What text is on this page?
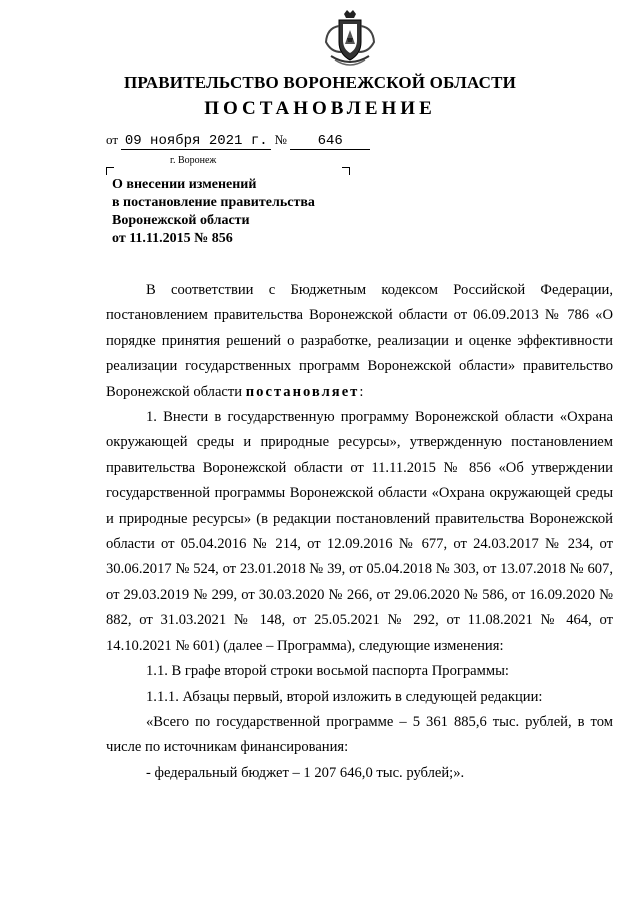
ПРАВИТЕЛЬСТВО ВОРОНЕЖСКОЙ ОБЛАСТИ
ПОСТАНОВЛЕНИЕ
от 09 ноября 2021 г. № 646
г. Воронеж
О внесении изменений
в постановление правительства
Воронежской области
от 11.11.2015 № 856

В соответствии с Бюджетным кодексом Российской Федерации, постановлением правительства Воронежской области от 06.09.2013 № 786 «О порядке принятия решений о разработке, реализации и оценке эффективности реализации государственных программ Воронежской области» правительство Воронежской области постановляет:

1. Внести в государственную программу Воронежской области «Охрана окружающей среды и природные ресурсы», утвержденную постановлением правительства Воронежской области от 11.11.2015 № 856 «Об утверждении государственной программы Воронежской области «Охрана окружающей среды и природные ресурсы» (в редакции постановлений правительства Воронежской области от 05.04.2016 № 214, от 12.09.2016 № 677, от 24.03.2017 № 234, от 30.06.2017 № 524, от 23.01.2018 № 39, от 05.04.2018 № 303, от 13.07.2018 № 607, от 29.03.2019 № 299, от 30.03.2020 № 266, от 29.06.2020 № 586, от 16.09.2020 № 882, от 31.03.2021 № 148, от 25.05.2021 № 292, от 11.08.2021 № 464, от 14.10.2021 № 601) (далее – Программа), следующие изменения:

1.1. В графе второй строки восьмой паспорта Программы:

1.1.1. Абзацы первый, второй изложить в следующей редакции:

«Всего по государственной программе – 5 361 885,6 тыс. рублей, в том числе по источникам финансирования:

- федеральный бюджет – 1 207 646,0 тыс. рублей;».
